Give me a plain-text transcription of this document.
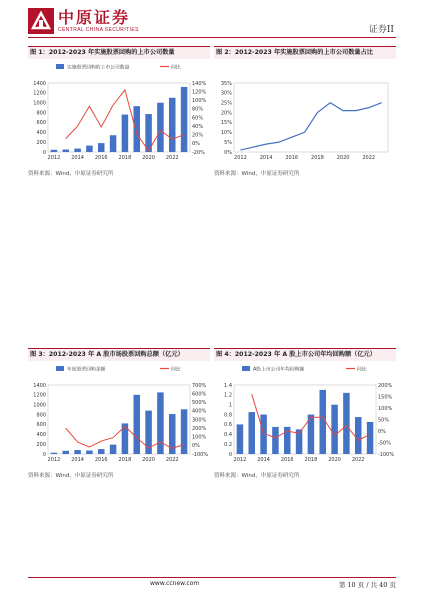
中原证券
CENTRAL CHINA SECURITIES	证券II
图 1：2012-2023 年实施股票回购的上市公司数量
2012 2014 2016 2018 2020 2022
0
200
400
600
800
1000
1200
1400
-20%
0%
20%
40%
60%
80%
100%
120%
140%
实施股票回购的上市公司数量	同比
资料来源：Wind，中原证券研究所
图 2：2012-2023 年实施股票回购的上市公司数量占比
2012	2014	2016	2018	2020	2022
0%
5%
10%
15%
20%
25%
30%
35%
资料来源：Wind，中原证券研究所

图 3：2012-2023 年 A 股市场股票回购总额（亿元）
2012 2014 2016 2018 2020 2022
0
200
400
600
800
1000
1200
1400
-100%
0%
100%
200%
300%
400%
500%
600%
700%
年度股票回购金额	同比
资料来源：Wind，中原证券研究所
图 4：2012-2023 年 A 股上市公司年均回购额（亿元）
2012 2014 2016 2018 2020 2022
0
0.2
0.4
0.6
0.8
1
1.2
1.4
-100%
-50%
0%
50%
100%
150%
200%
A股上市公司年均回购额	同比
资料来源：Wind，中原证券研究所

www.ccnew.com	第 10 页 / 共 40 页
